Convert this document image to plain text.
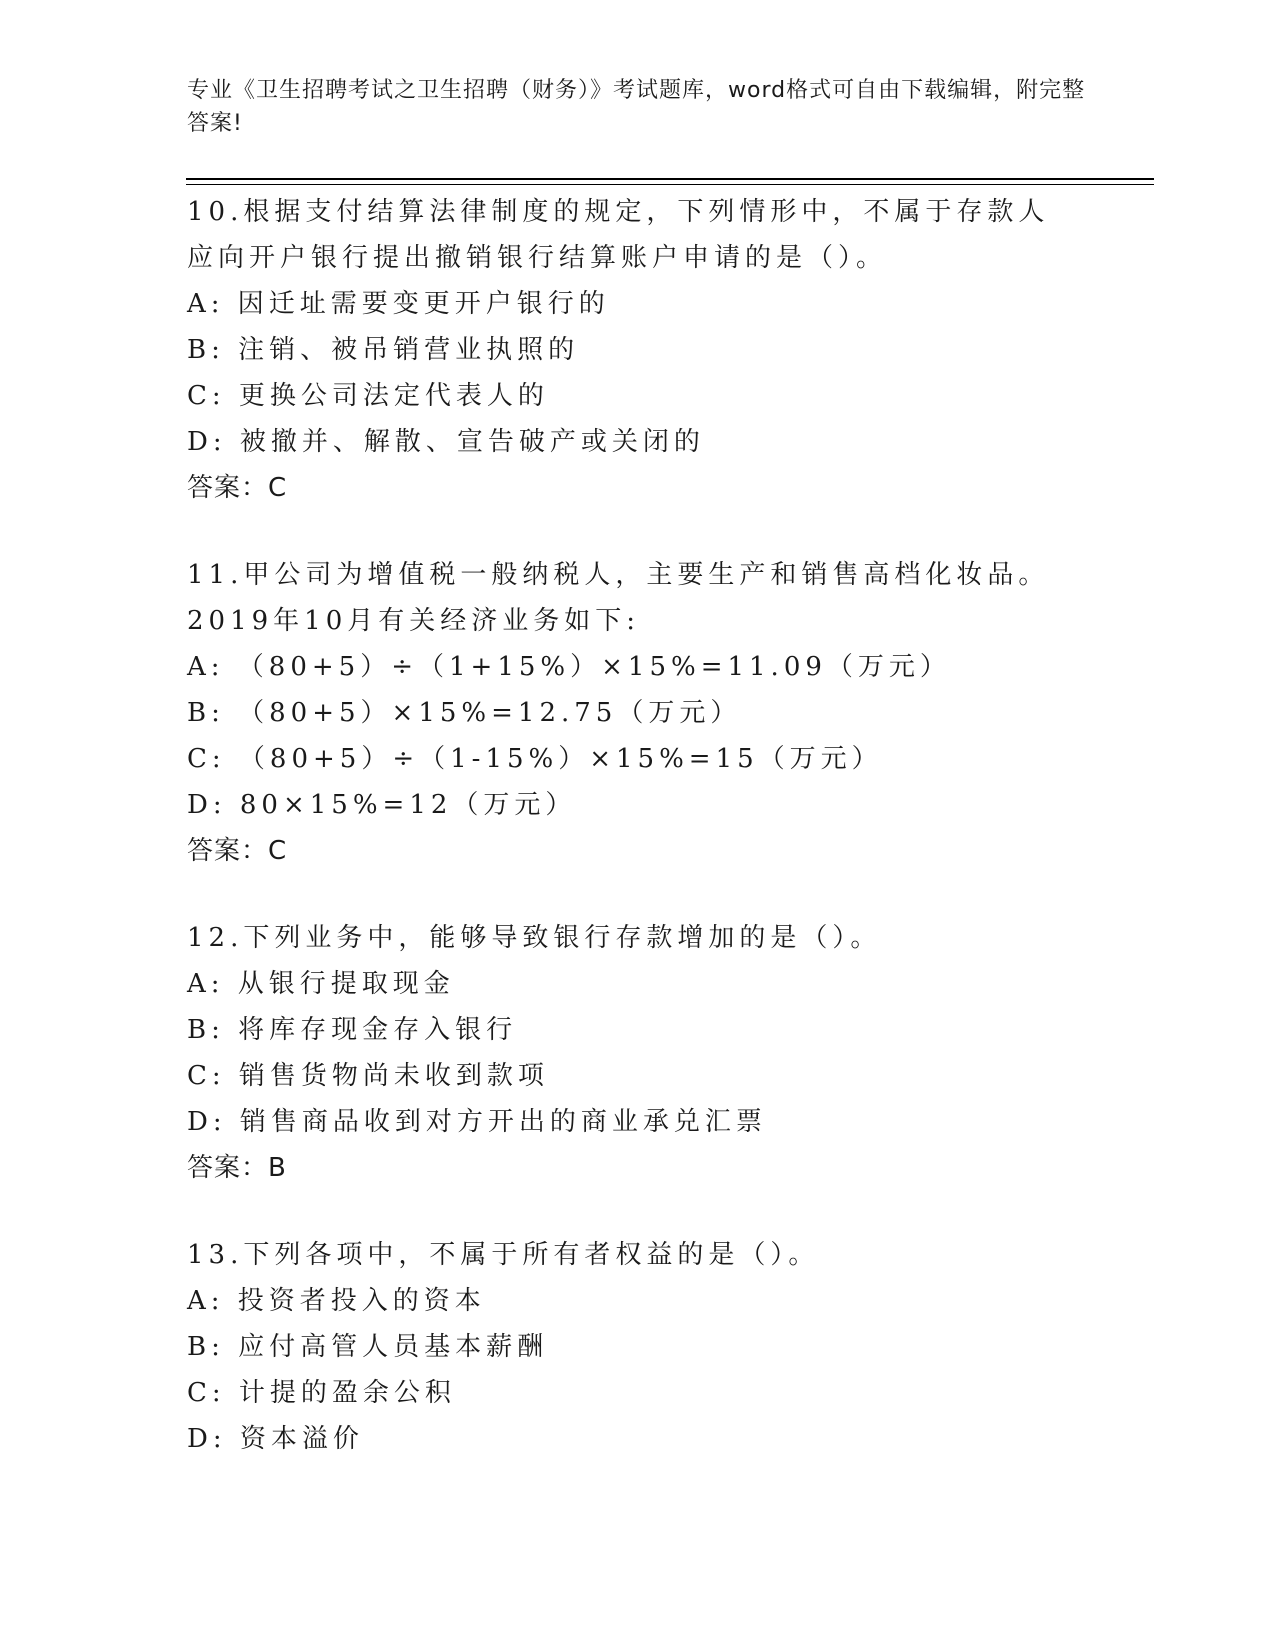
专业《卫生招聘考试之卫生招聘（财务）》考试题库，word格式可自由下载编辑，附完整答案!
10.根据支付结算法律制度的规定，下列情形中，不属于存款人应向开户银行提出撤销银行结算账户申请的是（）。
A: 因迁址需要变更开户银行的
B: 注销、被吊销营业执照的
C: 更换公司法定代表人的
D: 被撤并、解散、宣告破产或关闭的
答案：C
11.甲公司为增值税一般纳税人，主要生产和销售高档化妆品。2019年10月有关经济业务如下:
A: （80+5）÷（1+15%）×15%=11.09（万元）
B: （80+5）×15%=12.75（万元）
C: （80+5）÷（1-15%）×15%=15（万元）
D: 80×15%=12（万元）
答案：C
12.下列业务中，能够导致银行存款增加的是（）。
A: 从银行提取现金
B: 将库存现金存入银行
C: 销售货物尚未收到款项
D: 销售商品收到对方开出的商业承兑汇票
答案：B
13.下列各项中，不属于所有者权益的是（）。
A: 投资者投入的资本
B: 应付高管人员基本薪酬
C: 计提的盈余公积
D: 资本溢价
